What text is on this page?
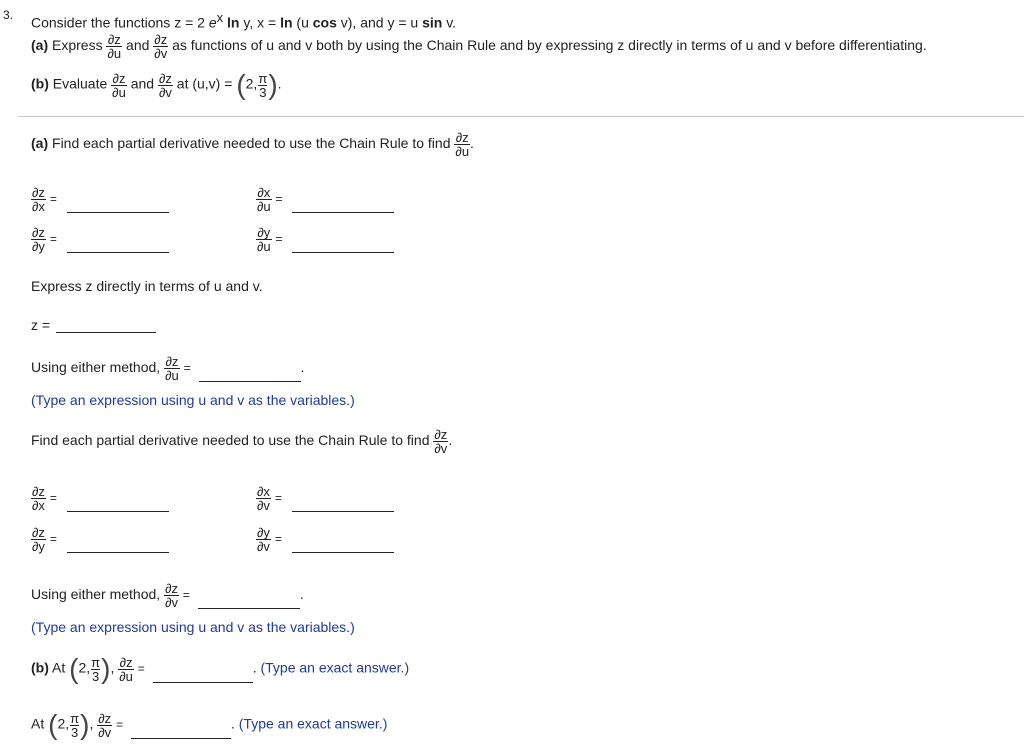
3. Consider the functions z = 2 $e^x$ ln y, x = ln (u cos v), and y = u sin v.
(a) Express $\frac{\partial z}{\partial u}$ and $\frac{\partial z}{\partial v}$ as functions of u and v both by using the Chain Rule and by expressing z directly in terms of u and v before differentiating.
(b) Evaluate $\frac{\partial z}{\partial u}$ and $\frac{\partial z}{\partial v}$ at (u,v) = (2, $\frac{\pi}{3}$ ).
(a) Find each partial derivative needed to use the Chain Rule to find $\frac{\partial z}{\partial u}$ .
$\frac{\partial z}{\partial x}$ =	$\frac{\partial x}{\partial u}$ =
$\frac{\partial z}{\partial y}$ =	$\frac{\partial y}{\partial u}$ =
Express z directly in terms of u and v.
z =
Using either method, $\frac{\partial z}{\partial u}$ =	.
(Type an expression using u and v as the variables.)
Find each partial derivative needed to use the Chain Rule to find $\frac{\partial z}{\partial v}$ .
$\frac{\partial z}{\partial x}$ =	$\frac{\partial x}{\partial v}$ =
$\frac{\partial z}{\partial y}$ =	$\frac{\partial y}{\partial v}$ =
Using either method, $\frac{\partial z}{\partial v}$ =	.
(Type an expression using u and v as the variables.)
(b) At (2, $\frac{\pi}{3}$ ), $\frac{\partial z}{\partial u}$ =	. (Type an exact answer.)
At (2, $\frac{\pi}{3}$ ), $\frac{\partial z}{\partial v}$ =	. (Type an exact answer.)
